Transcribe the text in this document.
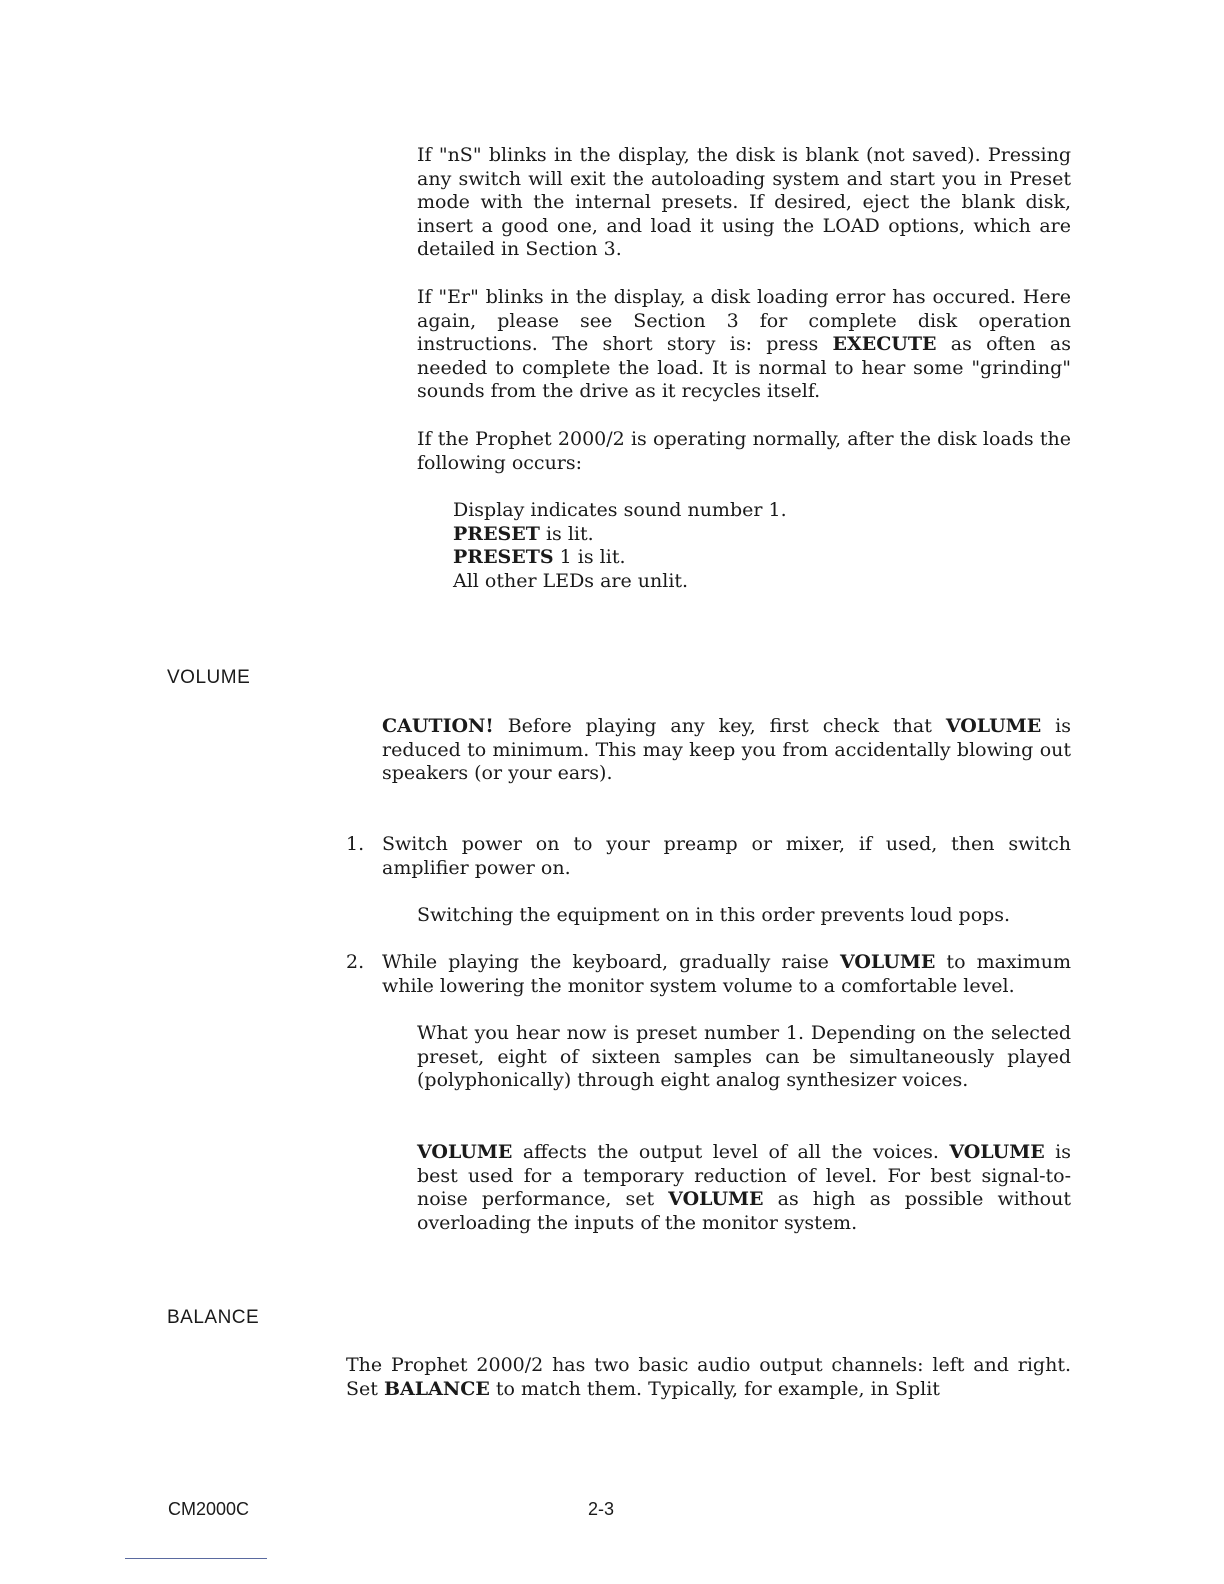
If "nS" blinks in the display, the disk is blank (not saved). Pressing any switch will exit the autoloading system and start you in Preset mode with the internal presets. If desired, eject the blank disk, insert a good one, and load it using the LOAD options, which are detailed in Section 3.

If "Er" blinks in the display, a disk loading error has occured. Here again, please see Section 3 for complete disk operation instructions. The short story is: press EXECUTE as often as needed to complete the load. It is normal to hear some "grinding" sounds from the drive as it recycles itself.

If the Prophet 2000/2 is operating normally, after the disk loads the following occurs:

Display indicates sound number 1.
PRESET is lit.
PRESETS 1 is lit.
All other LEDs are unlit.
VOLUME

CAUTION! Before playing any key, first check that VOLUME is reduced to minimum. This may keep you from accidentally blowing out speakers (or your ears).

1. Switch power on to your preamp or mixer, if used, then switch amplifier power on.

Switching the equipment on in this order prevents loud pops.

2. While playing the keyboard, gradually raise VOLUME to maximum while lowering the monitor system volume to a comfortable level.

What you hear now is preset number 1. Depending on the selected preset, eight of sixteen samples can be simultaneously played (polyphonically) through eight analog synthesizer voices.

VOLUME affects the output level of all the voices. VOLUME is best used for a temporary reduction of level. For best signal-to-noise performance, set VOLUME as high as possible without overloading the inputs of the monitor system.

BALANCE

The Prophet 2000/2 has two basic audio output channels: left and right. Set BALANCE to match them. Typically, for example, in Split

CM2000C	2-3
